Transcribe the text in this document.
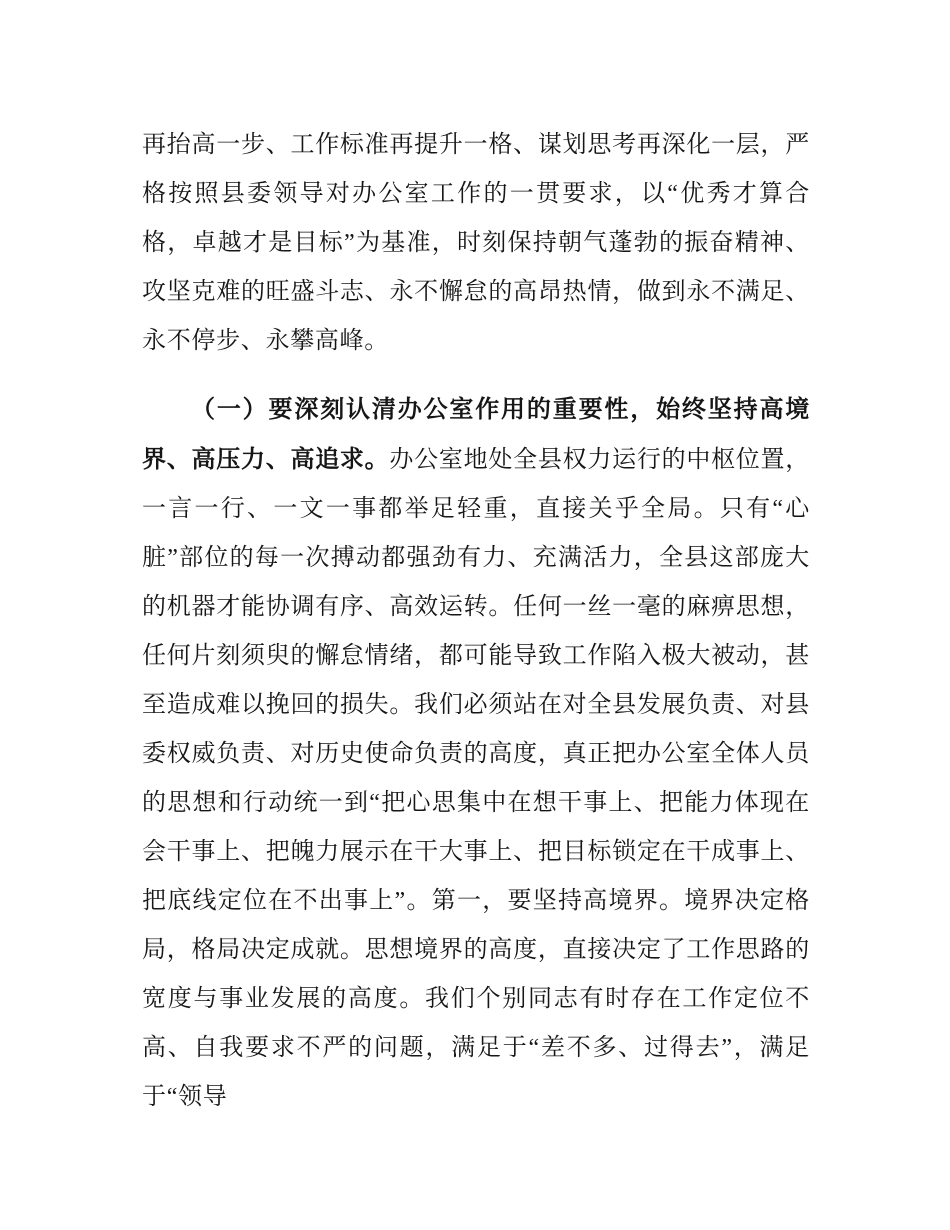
再抬高一步、工作标准再提升一格、谋划思考再深化一层，严格按照县委领导对办公室工作的一贯要求，以“优秀才算合格，卓越才是目标”为基准，时刻保持朝气蓬勃的振奋精神、攻坚克难的旺盛斗志、永不懈怠的高昂热情，做到永不满足、永不停步、永攀高峰。

（一）要深刻认清办公室作用的重要性，始终坚持高境界、高压力、高追求。办公室地处全县权力运行的中枢位置，一言一行、一文一事都举足轻重，直接关乎全局。只有“心脏”部位的每一次搏动都强劲有力、充满活力，全县这部庞大的机器才能协调有序、高效运转。任何一丝一毫的麻痹思想，任何片刻须臾的懈怠情绪，都可能导致工作陷入极大被动，甚至造成难以挽回的损失。我们必须站在对全县发展负责、对县委权威负责、对历史使命负责的高度，真正把办公室全体人员的思想和行动统一到“把心思集中在想干事上、把能力体现在会干事上、把魄力展示在干大事上、把目标锁定在干成事上、把底线定位在不出事上”。第一，要坚持高境界。境界决定格局，格局决定成就。思想境界的高度，直接决定了工作思路的宽度与事业发展的高度。我们个别同志有时存在工作定位不高、自我要求不严的问题，满足于“差不多、过得去”，满足于“领导
